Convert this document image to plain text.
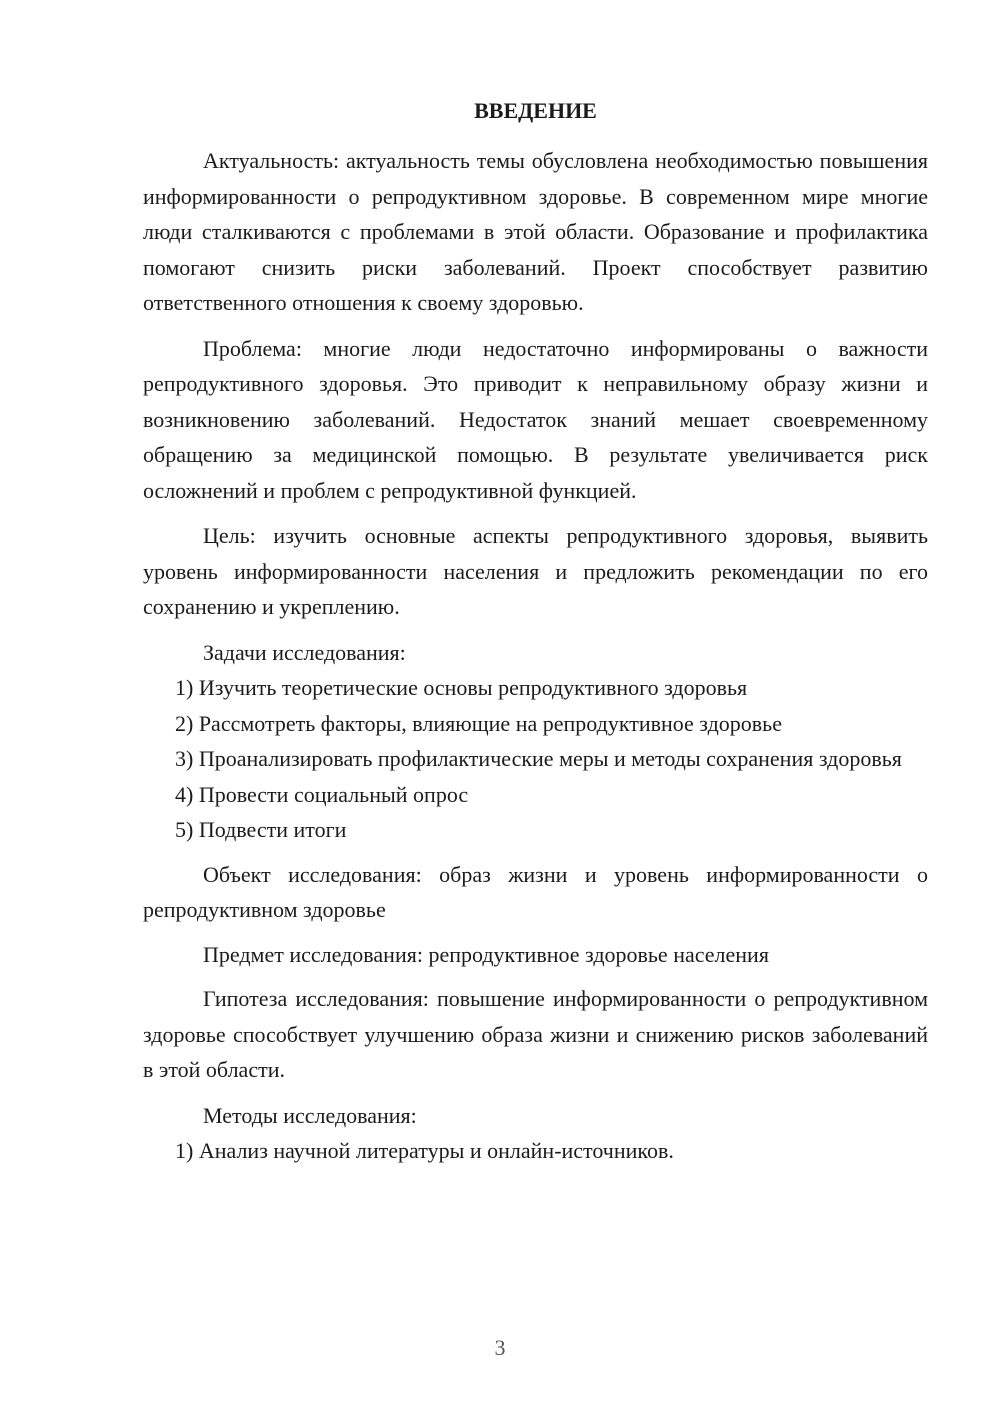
ВВЕДЕНИЕ

Актуальность: актуальность темы обусловлена необходимостью повышения информированности о репродуктивном здоровье. В современном мире многие люди сталкиваются с проблемами в этой области. Образование и профилактика помогают снизить риски заболеваний. Проект способствует развитию ответственного отношения к своему здоровью.

Проблема: многие люди недостаточно информированы о важности репродуктивного здоровья. Это приводит к неправильному образу жизни и возникновению заболеваний. Недостаток знаний мешает своевременному обращению за медицинской помощью. В результате увеличивается риск осложнений и проблем с репродуктивной функцией.

Цель: изучить основные аспекты репродуктивного здоровья, выявить уровень информированности населения и предложить рекомендации по его сохранению и укреплению.

Задачи исследования:

1) Изучить теоретические основы репродуктивного здоровья

2) Рассмотреть факторы, влияющие на репродуктивное здоровье

3) Проанализировать профилактические меры и методы сохранения здоровья

4) Провести социальный опрос

5) Подвести итоги

Объект исследования: образ жизни и уровень информированности о репродуктивном здоровье

Предмет исследования: репродуктивное здоровье населения

Гипотеза исследования: повышение информированности о репродуктивном здоровье способствует улучшению образа жизни и снижению рисков заболеваний в этой области.

Методы исследования:

1) Анализ научной литературы и онлайн-источников.

3
